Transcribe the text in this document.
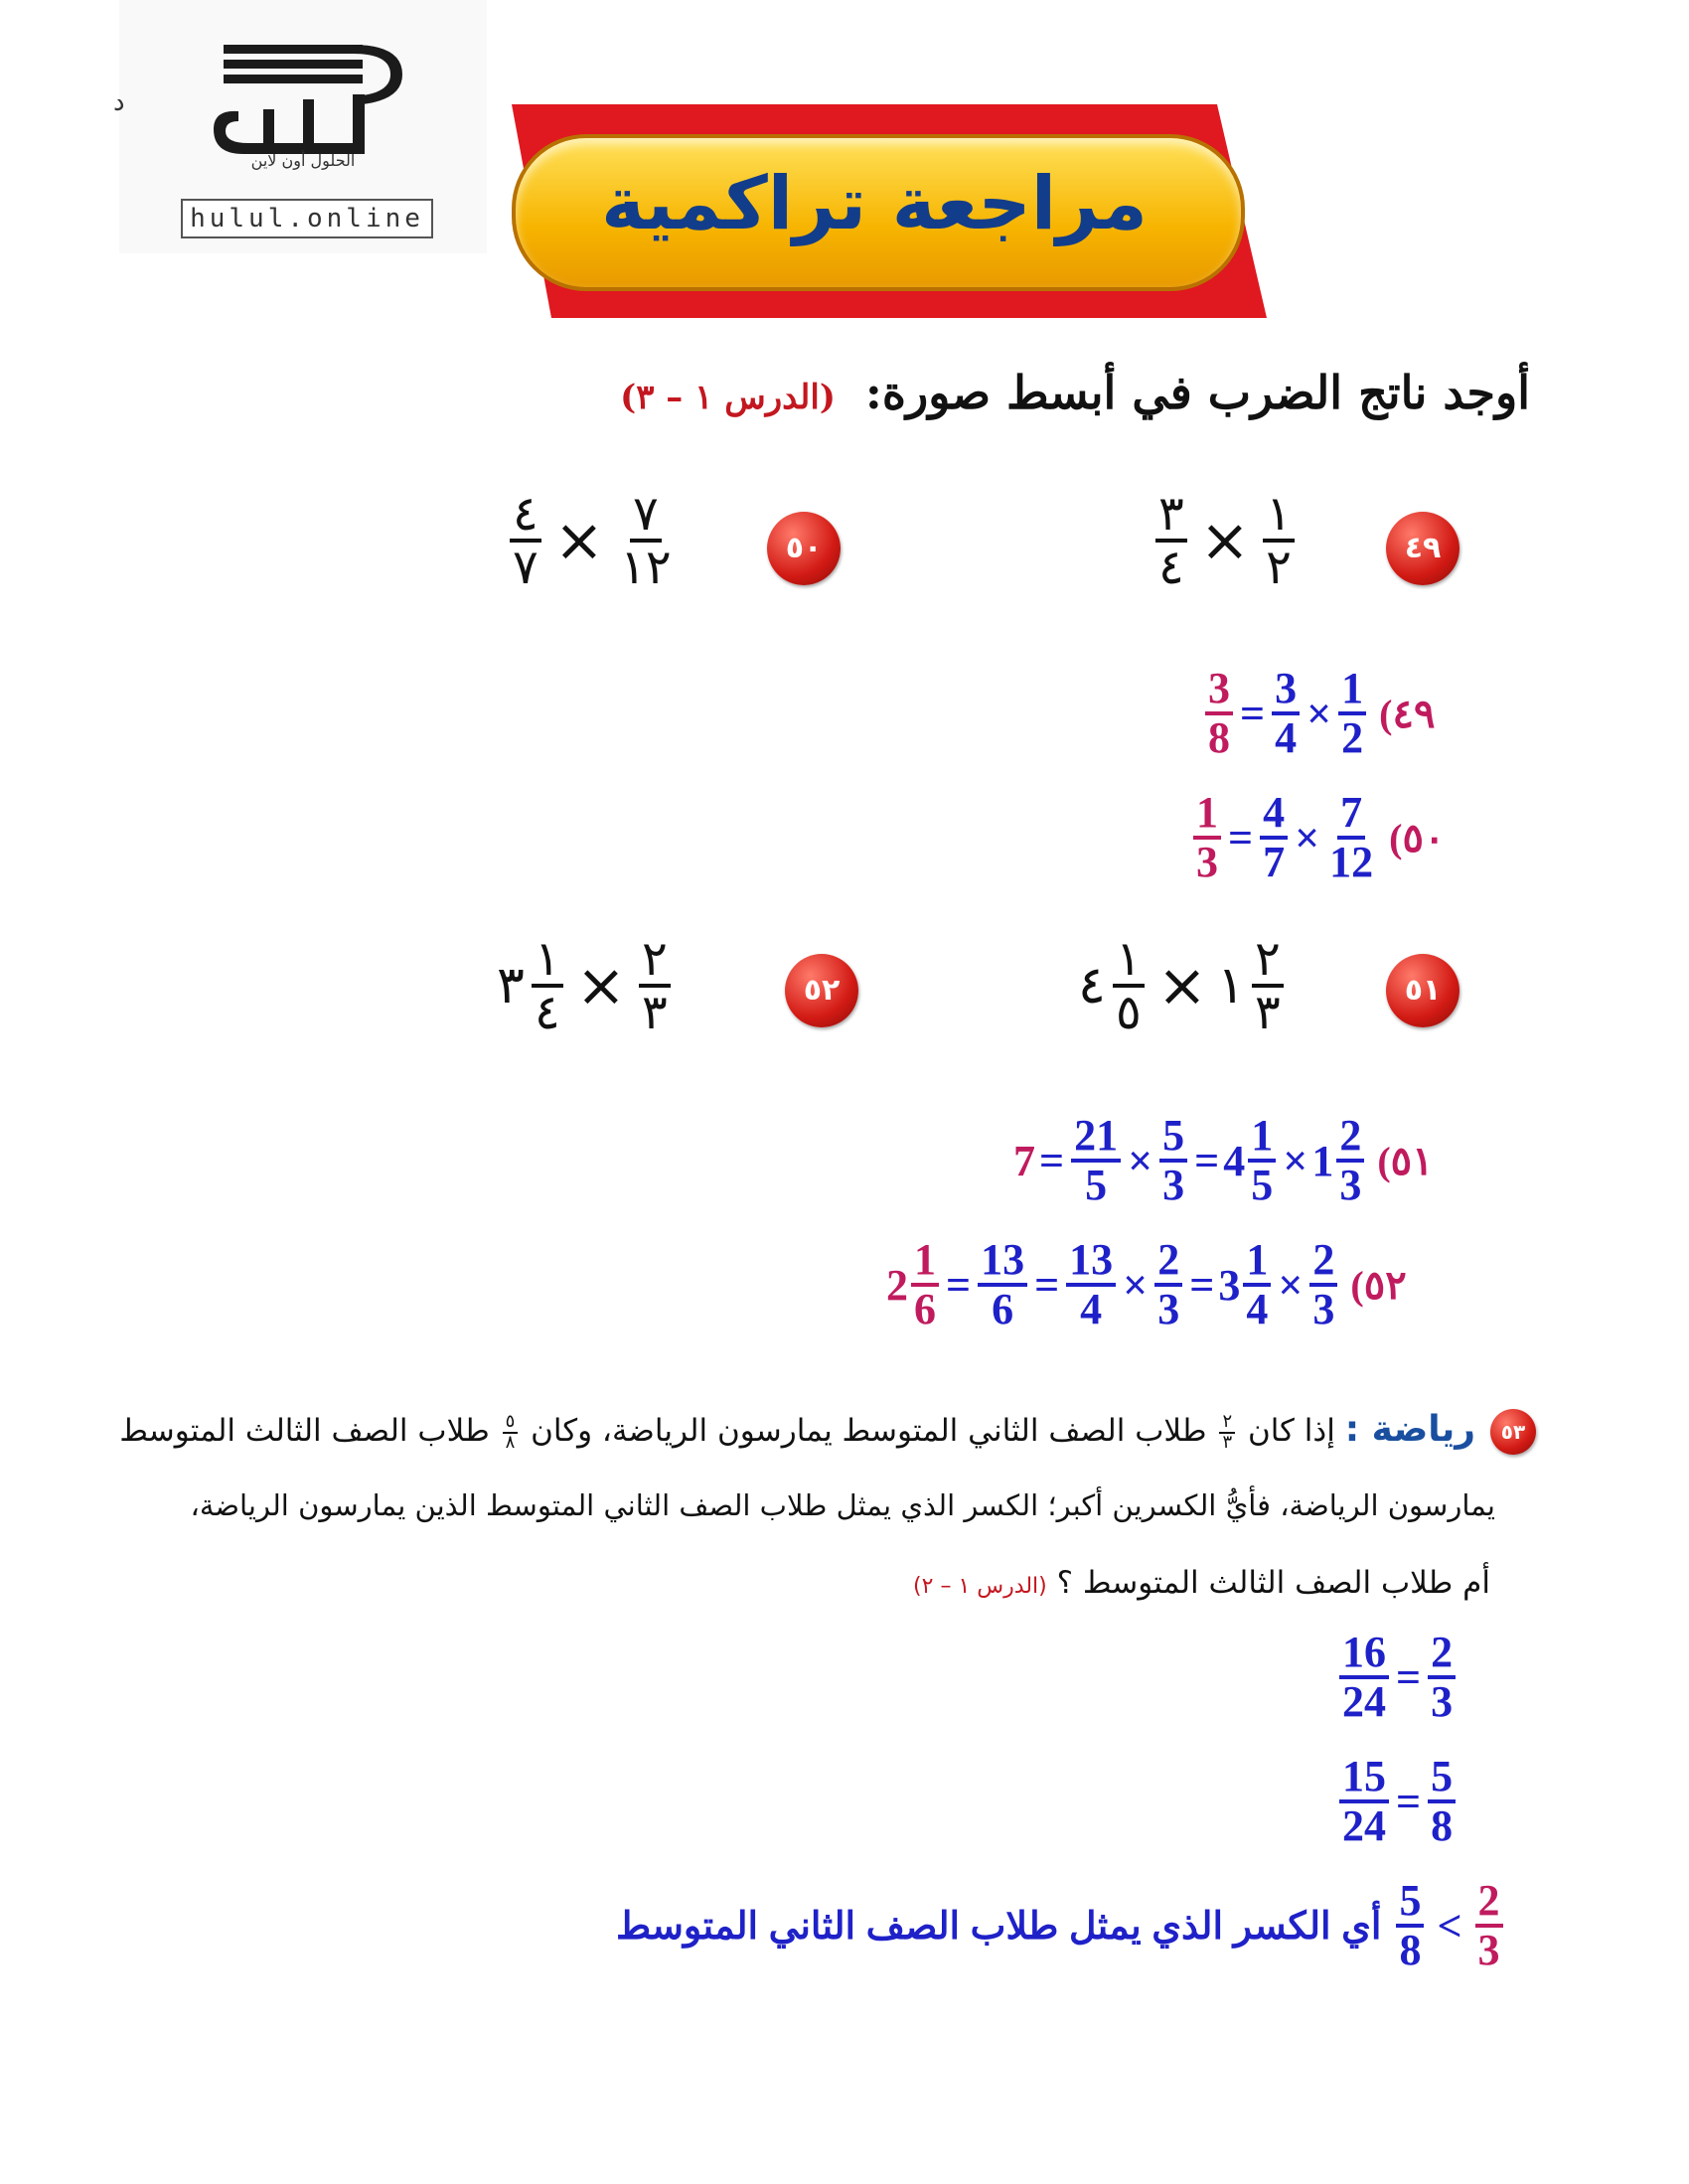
د
الحلول أون لاين
hulul.online	مراجعة تراكمية
أوجد ناتج الضرب في أبسط صورة: (الدرس ١ – ٣)
٤٩
$\frac{٣}{٤} \times \frac{١}{٢}$
٥٠
$\frac{٤}{٧} \times \frac{٧}{١٢}$
$\frac{3}{8} = \frac{3}{4} \times \frac{1}{2}$ (٤٩
$\frac{1}{3} = \frac{4}{7} \times \frac{7}{12}$ (٥٠
٥١
٤ $\frac{١}{٥}$ × ١ $\frac{٢}{٣}$
٥٢
٣ $\frac{١}{٤} \times \frac{٢}{٣}$
$7 = \frac{21}{5} \times \frac{5}{3} = 4 \frac{1}{5} \times 1 \frac{2}{3}$ (٥١
$2 \frac{1}{6} = \frac{13}{6} = \frac{13}{4} \times \frac{2}{3} = 3 \frac{1}{4} \times \frac{2}{3}$ (٥٢
٥٣
رياضة : إذا كان
$\frac{٢}{٣}$
طلاب الصف الثاني المتوسط يمارسون الرياضة، وكان
$\frac{٥}{٨}$
طلاب الصف الثالث المتوسط
يمارسون الرياضة، فأيُّ الكسرين أكبر؛ الكسر الذي يمثل طلاب الصف الثاني المتوسط الذين يمارسون الرياضة،
أم طلاب الصف الثالث المتوسط ؟ (الدرس ١ – ٢)
$\frac{16}{24} = \frac{2}{3}$
$\frac{15}{24} = \frac{5}{8}$
أي الكسر الذي يمثل طلاب الصف الثاني المتوسط $\frac{5}{8} < \frac{2}{3}$
